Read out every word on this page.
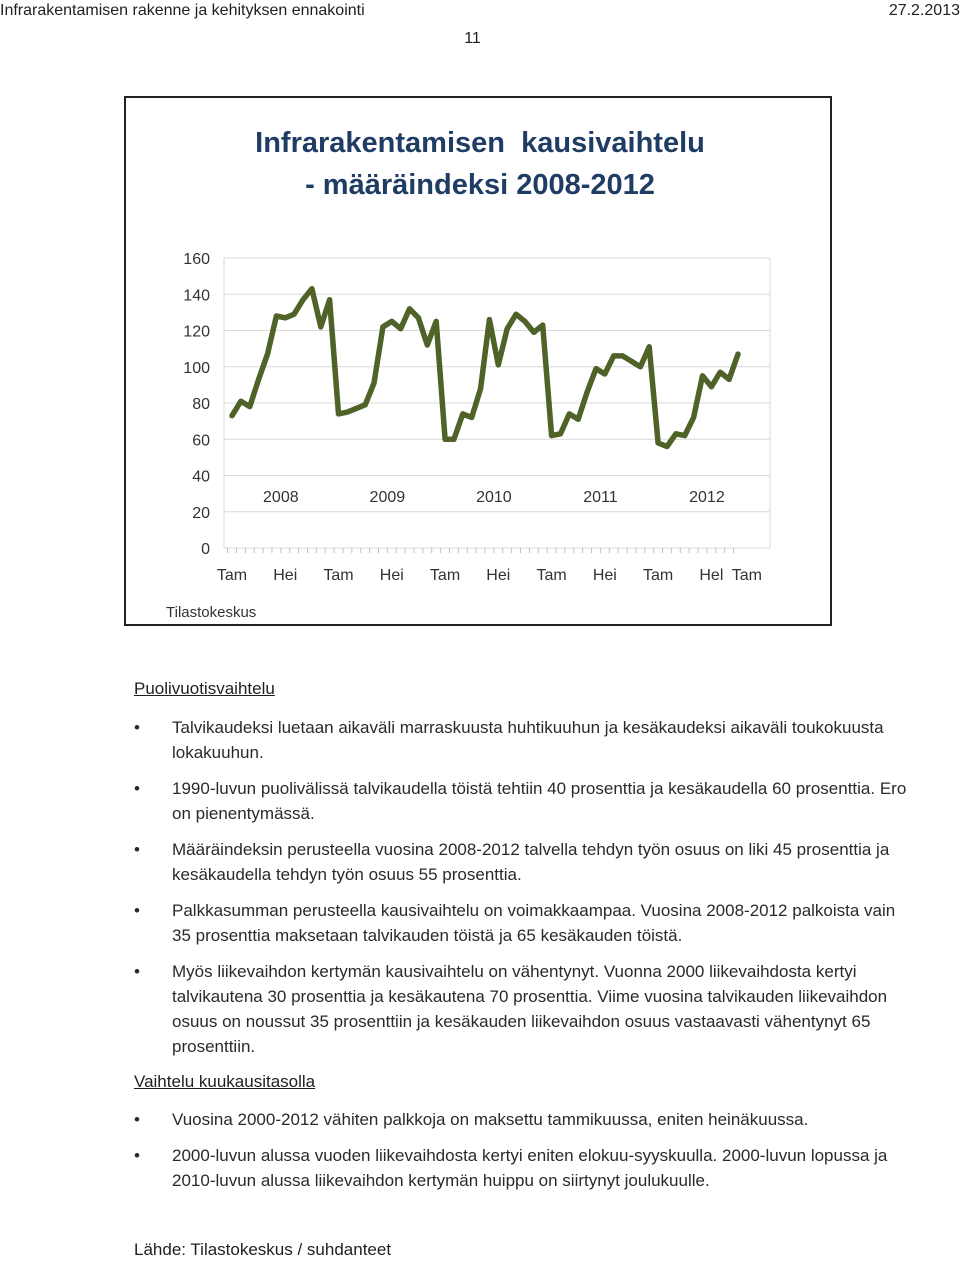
Infrarakentamisen rakenne ja kehityksen ennakointi	27.2.2013
11
Infrarakentamisen  kausivaihtelu
- määräindeksi 2008-2012
0
20
40
60
80
100
120
140
160
Tam Hei Tam Hei Tam Hei Tam Hei Tam Hel Tam
2008	2009	2010	2011	2012
Tilastokeskus
Puolivuotisvaihtelu
• Talvikaudeksi luetaan aikaväli marraskuusta huhtikuuhun ja kesäkaudeksi aikaväli toukokuusta lokakuuhun.
• 1990-luvun puolivälissä talvikaudella töistä tehtiin 40 prosenttia ja kesäkaudella 60 prosenttia. Ero on pienentymässä.
• Määräindeksin perusteella vuosina 2008-2012 talvella tehdyn työn osuus on liki 45 prosenttia ja kesäkaudella tehdyn työn osuus 55 prosenttia.
• Palkkasumman perusteella kausivaihtelu on voimakkaampaa. Vuosina 2008-2012 palkoista vain 35 prosenttia maksetaan talvikauden töistä ja 65 kesäkauden töistä.
• Myös liikevaihdon kertymän kausivaihtelu on vähentynyt. Vuonna 2000 liikevaihdosta kertyi talvikautena 30 prosenttia ja kesäkautena 70 prosenttia. Viime vuosina talvikauden liikevaihdon osuus on noussut 35 prosenttiin ja kesäkauden liikevaihdon osuus vastaavasti vähentynyt 65 prosenttiin.
Vaihtelu kuukausitasolla
• Vuosina 2000-2012 vähiten palkkoja on maksettu tammikuussa, eniten heinäkuussa.
• 2000-luvun alussa vuoden liikevaihdosta kertyi eniten elokuu-syyskuulla. 2000-luvun lopussa ja 2010-luvun alussa liikevaihdon kertymän huippu on siirtynyt joulukuulle.
Lähde: Tilastokeskus / suhdanteet
